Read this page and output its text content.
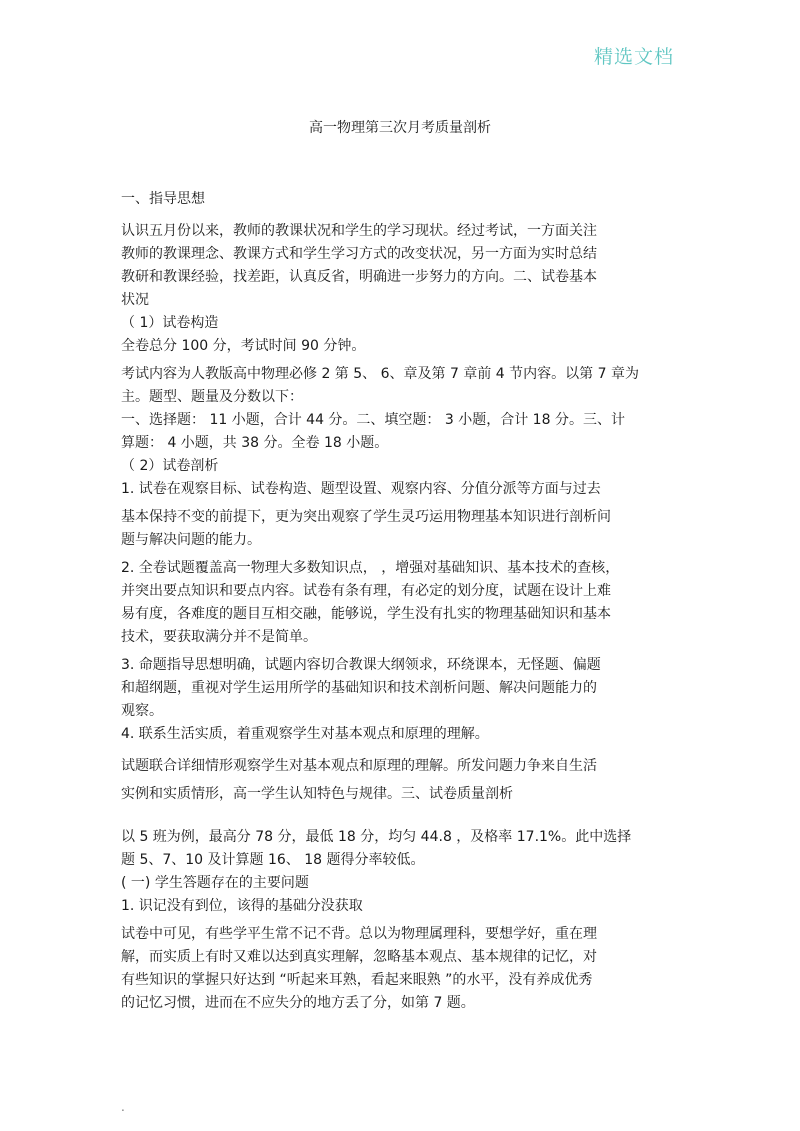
精选文档
高一物理第三次月考质量剖析

一、指导思想

认识五月份以来，教师的教课状况和学生的学习现状。经过考试，一方面关注

教师的教课理念、教课方式和学生学习方式的改变状况，另一方面为实时总结

教研和教课经验，找差距，认真反省，明确进一步努力的方向。二、试卷基本

状况

（ 1）试卷构造

全卷总分 100 分，考试时间 90 分钟。

考试内容为人教版高中物理必修 2 第 5、 6、章及第 7 章前 4 节内容。以第 7 章为

主。题型、题量及分数以下：

一、选择题： 11 小题，合计 44 分。二、填空题： 3 小题，合计 18 分。三、计

算题： 4 小题，共 38 分。全卷 18 小题。

（ 2）试卷剖析

1. 试卷在观察目标、试卷构造、题型设置、观察内容、分值分派等方面与过去

基本保持不变的前提下，更为突出观察了学生灵巧运用物理基本知识进行剖析问

题与解决问题的能力。

2. 全卷试题覆盖高一物理大多数知识点， ，增强对基础知识、基本技术的查核，

并突出要点知识和要点内容。试卷有条有理，有必定的划分度，试题在设计上难

易有度，各难度的题目互相交融，能够说，学生没有扎实的物理基础知识和基本

技术，要获取满分并不是简单。

3. 命题指导思想明确，试题内容切合教课大纲领求，环绕课本，无怪题、偏题

和超纲题，重视对学生运用所学的基础知识和技术剖析问题、解决问题能力的

观察。

4. 联系生活实质，着重观察学生对基本观点和原理的理解。

试题联合详细情形观察学生对基本观点和原理的理解。所发问题力争来自生活

实例和实质情形，高一学生认知特色与规律。三、试卷质量剖析

以 5 班为例，最高分 78 分，最低 18 分，均匀 44.8 ，及格率 17.1%。此中选择

题 5、7、10 及计算题 16、 18 题得分率较低。

( 一) 学生答题存在的主要问题

1. 识记没有到位，该得的基础分没获取

试卷中可见，有些学平生常不记不背。总以为物理属理科，要想学好，重在理

解，而实质上有时又难以达到真实理解，忽略基本观点、基本规律的记忆，对

有些知识的掌握只好达到 “听起来耳熟，看起来眼熟 ”的水平，没有养成优秀

的记忆习惯，进而在不应失分的地方丢了分，如第 7 题。

.
